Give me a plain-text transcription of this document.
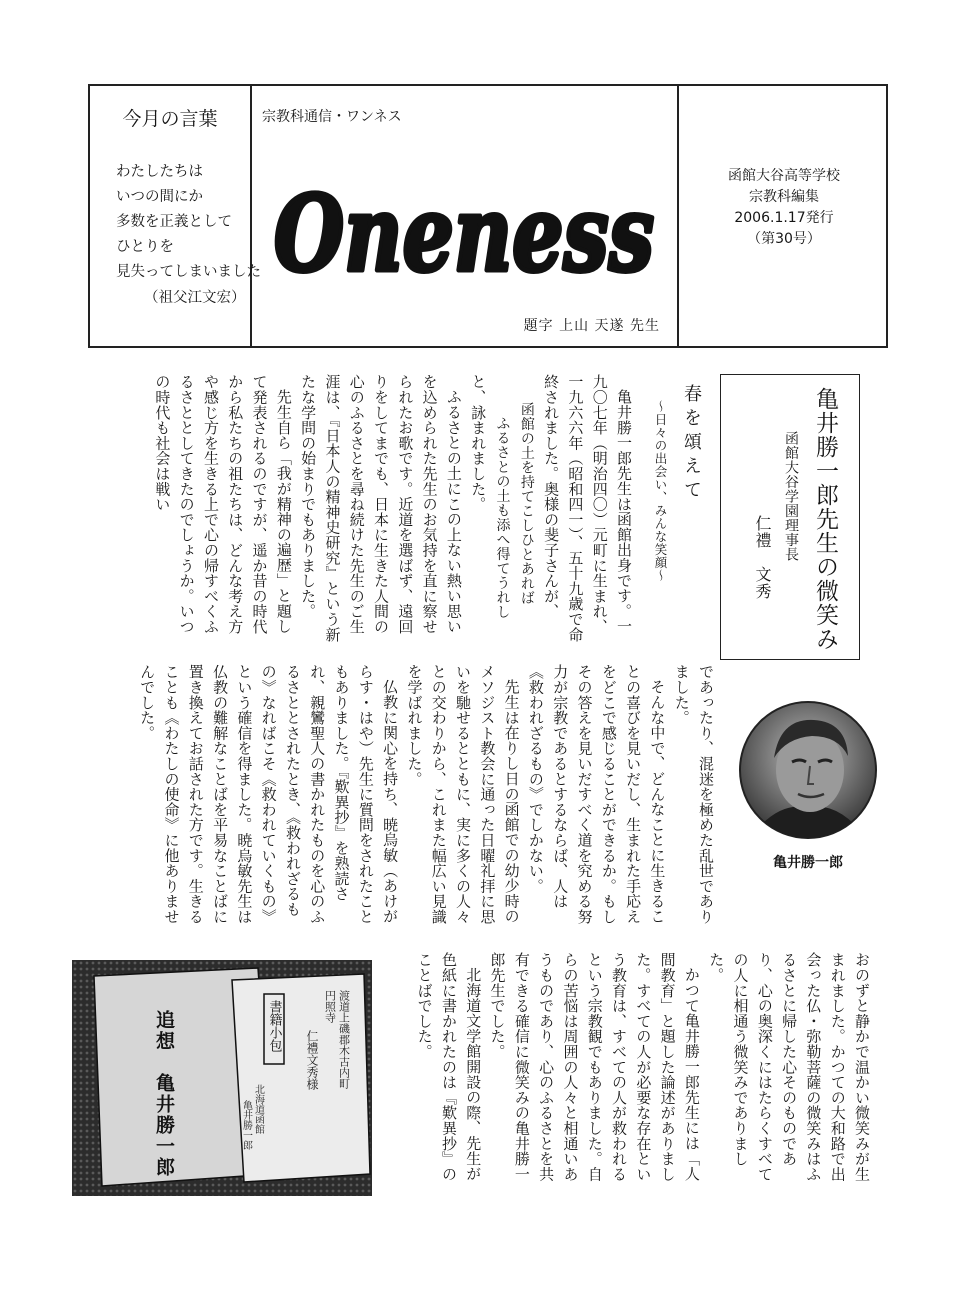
今月の言葉
わたしたちは
いつの間にか
多数を正義として
ひとりを
見失ってしまいました
（祖父江文宏）
宗教科通信・ワンネス
Oneness
題字 上山 天遂 先生
函館大谷高等学校
宗教科編集
2006.1.17発行
（第30号）
亀井勝一郎先生の微笑み
函館大谷学園理事長
仁禮　文秀
春を頌えて
〜日々の出会い、みんな笑顔〜

亀井勝一郎先生は函館出身です。一九〇七年（明治四〇）元町に生まれ、一九六六年（昭和四一）、五十九歳で命終されました。奥様の斐子さんが、

函館の土を持てこしひとあれば

ふるさとの土も添へ得てうれし

と、詠まれました。

ふるさとの土にこの上ない熱い思いを込められた先生のお気持を直に察せられたお歌です。近道を選ばず、遠回りをしてまでも、日本に生きた人間の心のふるさとを尋ね続けた先生のご生涯は、『日本人の精神史研究』という新たな学問の始まりでもありました。

先生自ら「我が精神の遍歴」と題して発表されるのですが、遥か昔の時代から私たちの祖たちは、どんな考え方や感じ方を生きる上で心の帰すべくふるさととしてきたのでしょうか。いつの時代も社会は戦い

であったり、混迷を極めた乱世でありました。

そんな中で、どんなことに生きることの喜びを見いだし、生まれた手応えをどこで感じることができるか。もしその答えを見いだすべく道を究める努力が宗教であるとするならば、人は《救われざるもの》でしかない。

先生は在りし日の函館での幼少時のメソジスト教会に通った日曜礼拝に思いを馳せるとともに、実に多くの人々との交わりから、これまた幅広い見識を学ばれました。

仏教に関心を持ち、暁烏敏（あけがらす・はや）先生に質問をされたこともありました。『歎異抄』を熟読され、親鸞聖人の書かれたものを心のふるさととされたとき、《救われざるもの》なればこそ《救われていくもの》という確信を得ました。暁烏敏先生は仏教の難解なことばを平易なことばに置き換えてお話された方です。生きることも《わたしの使命》に他ありませんでした。

亀井勝一郎

おのずと静かで温かい微笑みが生まれました。かつての大和路で出会った仏・弥勒菩薩の微笑みはふるさとに帰した心そのものであり、心の奥深くにはたらくすべての人に相通う微笑みでありました。

かつて亀井勝一郎先生には「人間教育」と題した論述がありました。すべての人が必要な存在という教育は、すべての人が救われるという宗教観でもありました。自らの苦悩は周囲の人々と相通いあうものであり、心のふるさとを共有できる確信に微笑みの亀井勝一郎先生でした。

北海道文学館開設の際、先生が色紙に書かれたのは『歎異抄』のことばでした。

追想　亀井勝一郎	書籍小包	渡道上磯郡木古内町
円照寺
仁禮文秀様
北海道函館
亀井勝一郎
